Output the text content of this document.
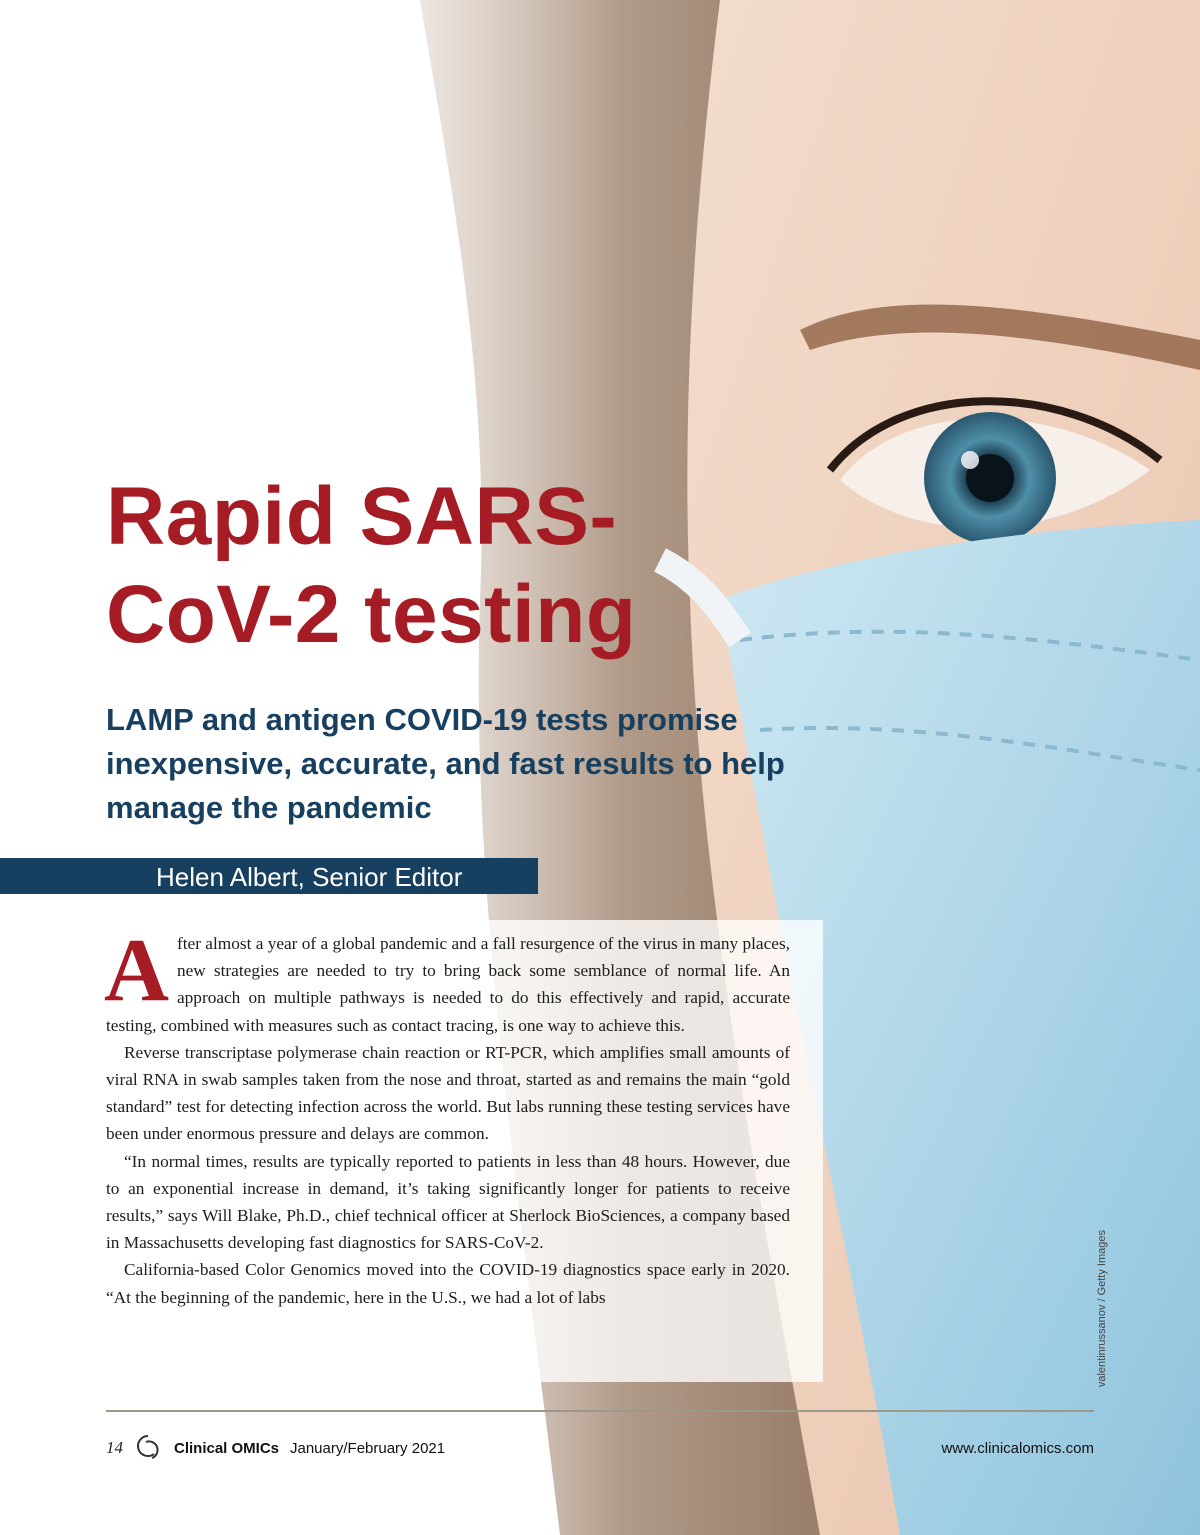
Rapid SARS-
CoV-2 testing
LAMP and antigen COVID-19 tests promise inexpensive, accurate, and fast results to help manage the pandemic
Helen Albert, Senior Editor

After almost a year of a global pandemic and a fall resurgence of the virus in many places, new strategies are needed to try to bring back some semblance of normal life. An approach on multiple pathways is needed to do this effectively and rapid, accurate testing, combined with measures such as contact tracing, is one way to achieve this.

Reverse transcriptase polymerase chain reaction or RT-PCR, which amplifies small amounts of viral RNA in swab samples taken from the nose and throat, started as and remains the main “gold standard” test for detecting infection across the world. But labs running these testing services have been under enormous pressure and delays are common.

“In normal times, results are typically reported to patients in less than 48 hours. However, due to an exponential increase in demand, it’s taking significantly longer for patients to receive results,” says Will Blake, Ph.D., chief technical officer at Sherlock BioSciences, a company based in Massachusetts developing fast diagnostics for SARS-CoV-2.

California-based Color Genomics moved into the COVID-19 diagnostics space early in 2020. “At the beginning of the pandemic, here in the U.S., we had a lot of labs	valentinrussanov / Getty Images
14	Clinical OMICs January/February 2021	www.clinicalomics.com
